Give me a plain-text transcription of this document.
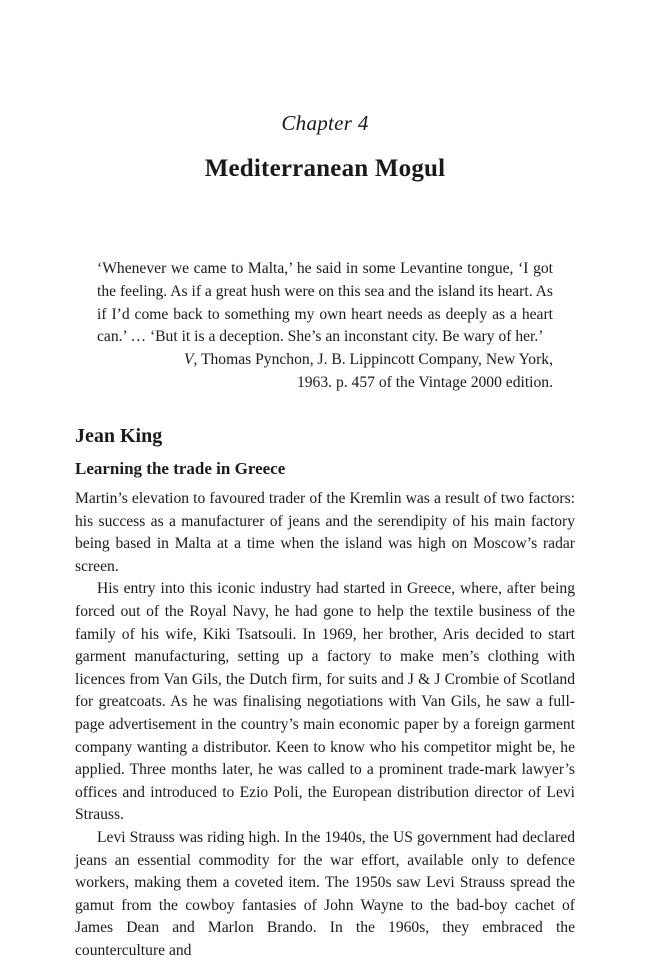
Chapter 4
Mediterranean Mogul

‘Whenever we came to Malta,’ he said in some Levantine tongue, ‘I got the feeling. As if a great hush were on this sea and the island its heart. As if I’d come back to something my own heart needs as deeply as a heart can.’ … ‘But it is a deception. She’s an inconstant city. Be wary of her.’

V, Thomas Pynchon, J. B. Lippincott Company, New York,

1963. p. 457 of the Vintage 2000 edition.

Jean King
Learning the trade in Greece

Martin’s elevation to favoured trader of the Kremlin was a result of two factors: his success as a manufacturer of jeans and the serendipity of his main factory being based in Malta at a time when the island was high on Moscow’s radar screen.

His entry into this iconic industry had started in Greece, where, after being forced out of the Royal Navy, he had gone to help the textile business of the family of his wife, Kiki Tsatsouli. In 1969, her brother, Aris decided to start garment manufacturing, setting up a factory to make men’s clothing with licences from Van Gils, the Dutch firm, for suits and J & J Crombie of Scotland for greatcoats. As he was finalising negotiations with Van Gils, he saw a full-page advertisement in the country’s main economic paper by a foreign garment company wanting a distributor. Keen to know who his competitor might be, he applied. Three months later, he was called to a prominent trade-mark lawyer’s offices and introduced to Ezio Poli, the European distribution director of Levi Strauss.

Levi Strauss was riding high. In the 1940s, the US government had declared jeans an essential commodity for the war effort, available only to defence workers, making them a coveted item. The 1950s saw Levi Strauss spread the gamut from the cowboy fantasies of John Wayne to the bad-boy cachet of James Dean and Marlon Brando. In the 1960s, they embraced the counterculture and
